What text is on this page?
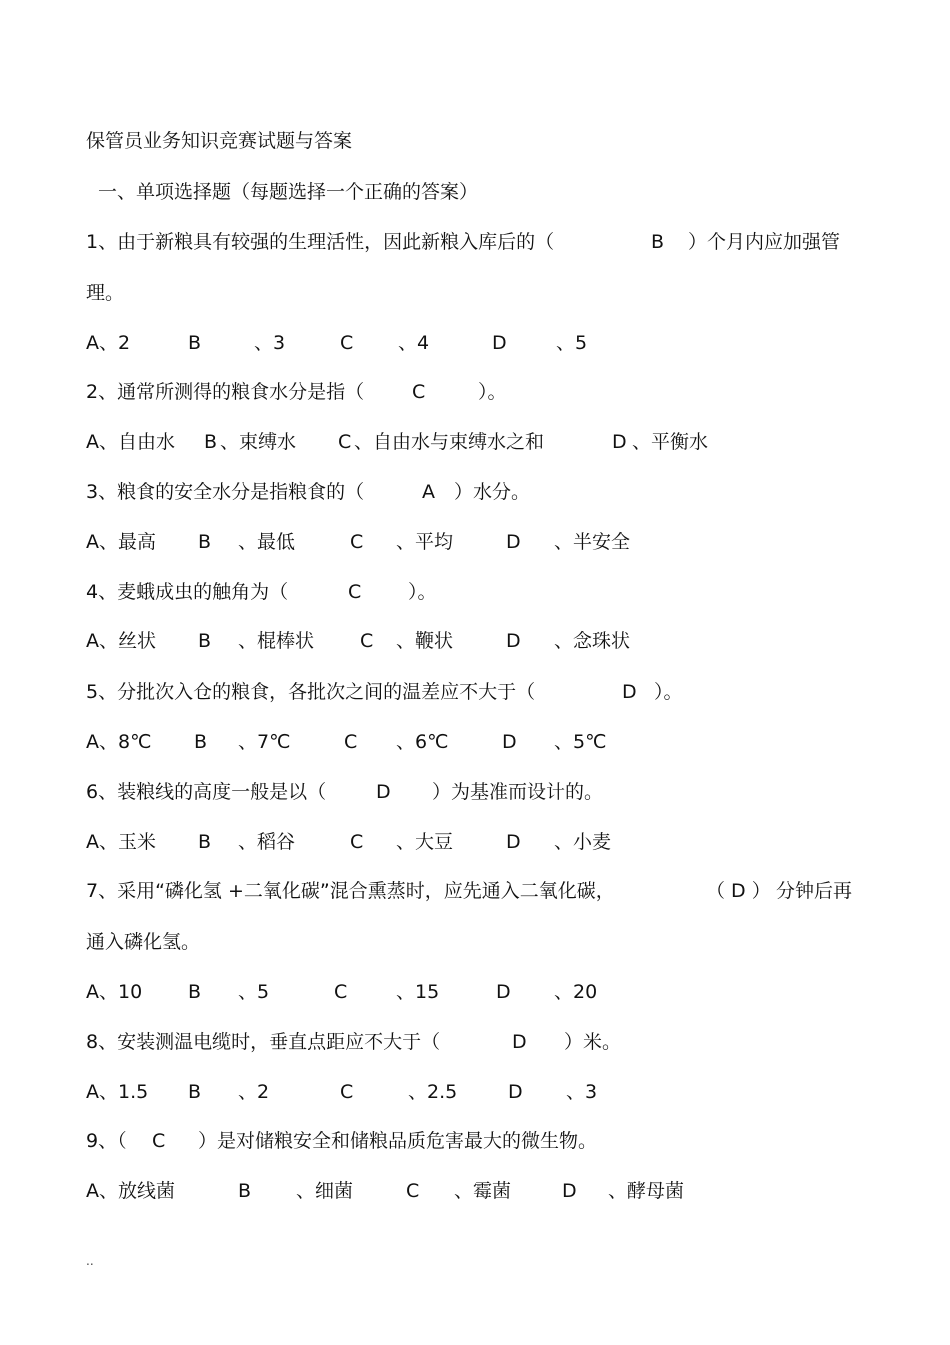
保管员业务知识竞赛试题与答案
一、单项选择题（每题选择一个正确的答案）
1、由于新粮具有较强的生理活性，因此新粮入库后的（	B ）个月内应加强管
理。
A、2	B	、3	C 、4	D	、5
2、通常所测得的粮食水分是指（	C	）。
A、自由水 B 、束缚水 C 、自由水与束缚水之和	D 、平衡水
3、粮食的安全水分是指粮食的（	A ）水分。
A、最高 B 、最低	C 、平均	D 、半安全
4、麦蛾成虫的触角为（	C ）。
A、丝状 B 、棍棒状 C 、鞭状	D 、念珠状
5、分批次入仓的粮食，各批次之间的温差应不大于（	D ）。
A、8℃ B 、7℃	C 、6℃	D 、5℃
6、装粮线的高度一般是以（	D ）为基准而设计的。
A、玉米 B 、稻谷	C 、大豆	D 、小麦
7、采用“磷化氢 +二氧化碳”混合熏蒸时，应先通入二氧化碳，	（ D ） 分钟后再
通入磷化氢。
A、10 B 、5	C	、15	D 、20
8、安装测温电缆时，垂直点距应不大于（	D ）米。
A、1.5 B 、2	C	、2.5	D 、3
9、（ C ）是对储粮安全和储粮品质危害最大的微生物。
A、放线菌	B 、细菌	C 、霉菌	D 、酵母菌
..
